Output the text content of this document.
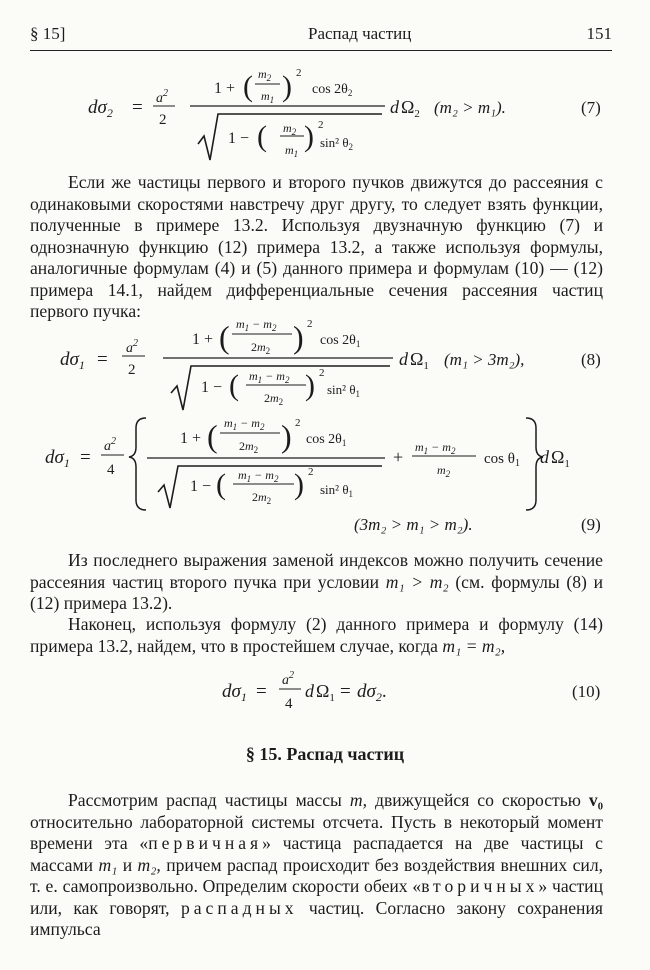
§ 15]	Распад частиц	151
$d\sigma_2 = a^2$
2
1 + ( $m_2$
$m_1$ ) 2
$\cos 2\theta_2$
1 − ( $m_2$
$m_1$
) 2
sin² $\theta_2$
d $\Omega_2$ (m₂ > m₁).	(7)
Если же частицы первого и второго пучков движутся до рассеяния с одинаковыми скоростями навстречу друг другу, то следует взять функции, полученные в примере 13.2. Используя двузначную функцию (7) и однозначную функцию (12) примера 13.2, а также используя формулы, аналогичные формулам (4) и (5) данного примера и формулам (10) — (12) примера 14.1, найдем дифференциальные сечения рассеяния частиц первого пучка:
$d\sigma_1$ =
$a^2$
2
1 + ( $m_1 - m_2$
$2m_2$ ) 2
$\cos 2\theta_1$
1 − ( $m_1 - m_2$
$2m_2$ ) 2
sin² $\theta_1$
d $\Omega_1$ (m₁ > 3m₂),	(8)
$d\sigma_1$ =
$a^2$
4
1 + ( $m_1 - m_2$
$2m_2$ ) 2
$\cos 2\theta_1$
1 − ( $m_1 - m_2$
$2m_2$ ) 2
sin² $\theta_1$
+ $m_1 - m_2$
$m_2$
$\cos \theta_1$ d $\Omega_1$
(3m₂ > m₁ > m₂).	(9)
Из последнего выражения заменой индексов можно получить сечение рассеяния частиц второго пучка при условии m₁ > m₂ (см. формулы (8) и (12) примера 13.2).
Наконец, используя формулу (2) данного примера и формулу (14) примера 13.2, найдем, что в простейшем случае, когда m₁ = m₂,
$d\sigma_1$ =
$a^2$
4
d $\Omega_1 = d\sigma_2$.	(10)
§ 15. Распад частиц
Рассмотрим распад частицы массы m, движущейся со скоростью v₀ относительно лабораторной системы отсчета. Пусть в некоторый момент времени эта «первичная» частица распадается на две частицы с массами m₁ и m₂, причем распад происходит без воздействия внешних сил, т. е. самопроизвольно. Определим скорости обеих «вторичных» частиц или, как говорят, распадных частиц. Согласно закону сохранения импульса
